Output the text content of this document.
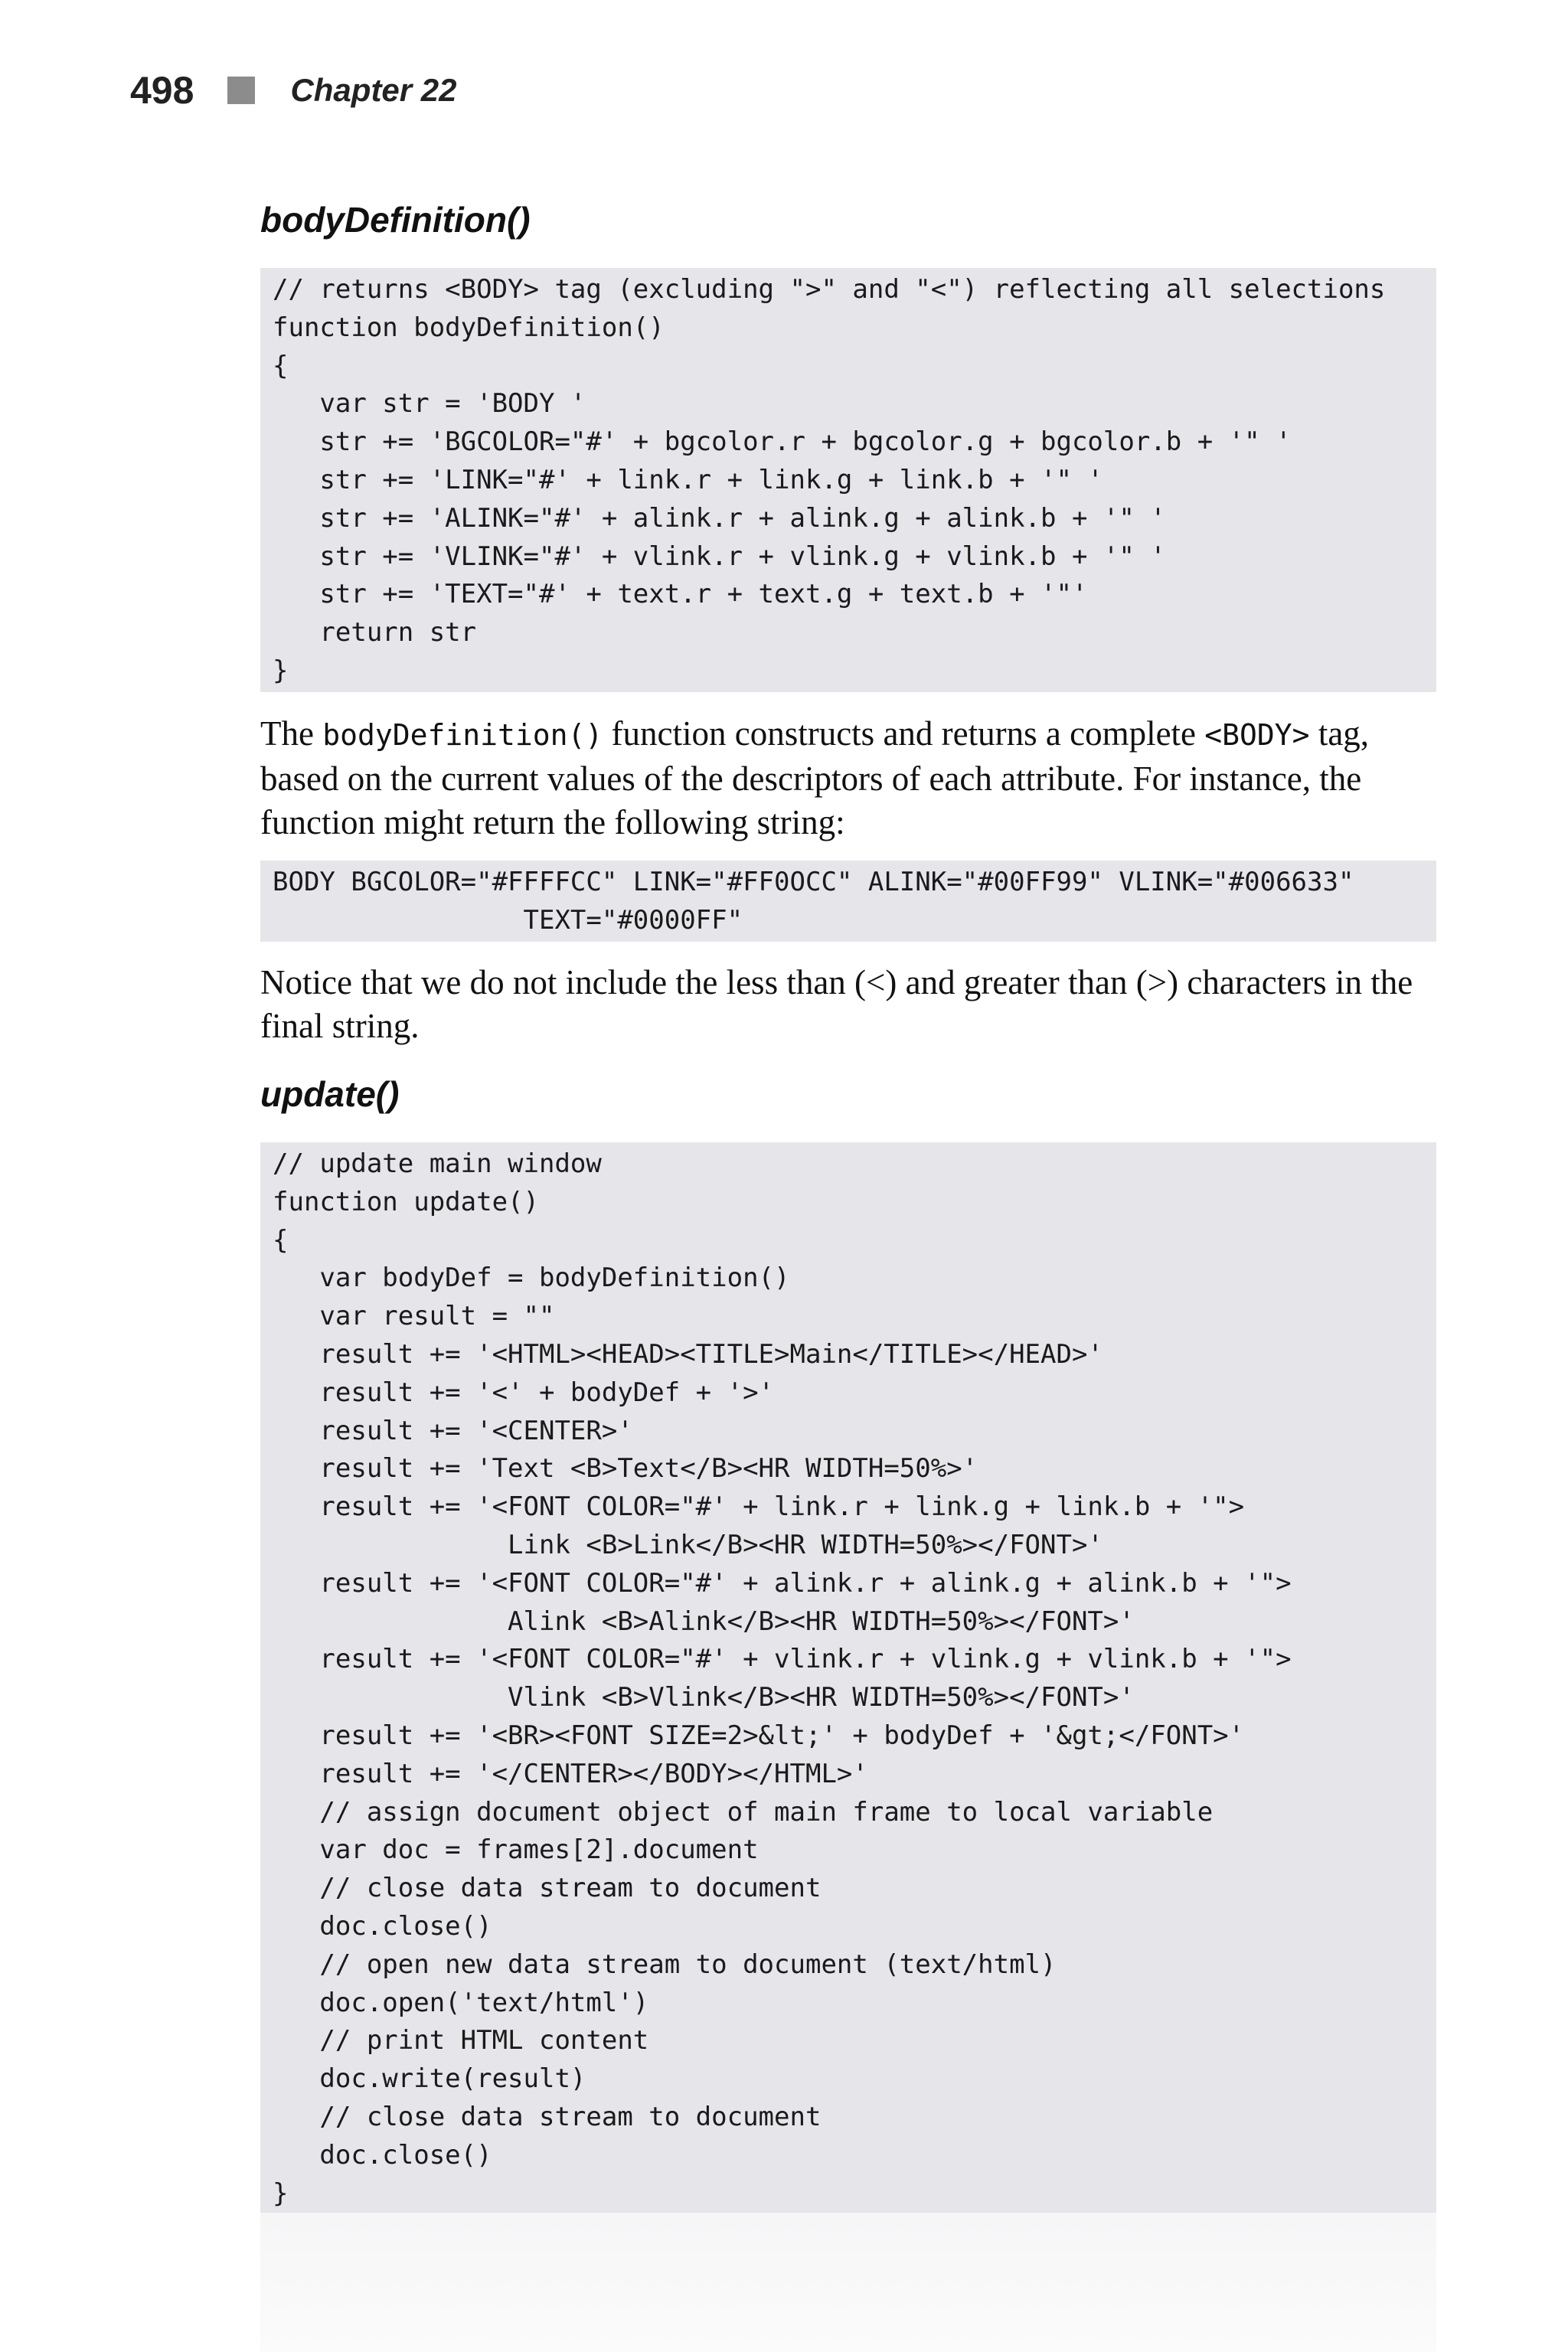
498	Chapter 22
bodyDefinition()
// returns <BODY> tag (excluding ">" and "<") reflecting all selections
function bodyDefinition()
{
var str = 'BODY '
str += 'BGCOLOR="#' + bgcolor.r + bgcolor.g + bgcolor.b + '" '
str += 'LINK="#' + link.r + link.g + link.b + '" '
str += 'ALINK="#' + alink.r + alink.g + alink.b + '" '
str += 'VLINK="#' + vlink.r + vlink.g + vlink.b + '" '
str += 'TEXT="#' + text.r + text.g + text.b + '"'
return str
}

The bodyDefinition() function constructs and returns a complete <BODY> tag, based on the current values of the descriptors of each attribute. For instance, the function might return the following string:

BODY BGCOLOR="#FFFFCC" LINK="#FF0OCC" ALINK="#00FF99" VLINK="#006633"
TEXT="#0000FF"

Notice that we do not include the less than (<) and greater than (>) characters in the final string.

update()
// update main window
function update()
{
var bodyDef = bodyDefinition()
var result = ""
result += '<HTML><HEAD><TITLE>Main</TITLE></HEAD>'
result += '<' + bodyDef + '>'
result += '<CENTER>'
result += 'Text <B>Text</B><HR WIDTH=50%>'
result += '<FONT COLOR="#' + link.r + link.g + link.b + '">
Link <B>Link</B><HR WIDTH=50%></FONT>'
result += '<FONT COLOR="#' + alink.r + alink.g + alink.b + '">
Alink <B>Alink</B><HR WIDTH=50%></FONT>'
result += '<FONT COLOR="#' + vlink.r + vlink.g + vlink.b + '">
Vlink <B>Vlink</B><HR WIDTH=50%></FONT>'
result += '<BR><FONT SIZE=2>&lt;' + bodyDef + '&gt;</FONT>'
result += '</CENTER></BODY></HTML>'
// assign document object of main frame to local variable
var doc = frames[2].document
// close data stream to document
doc.close()
// open new data stream to document (text/html)
doc.open('text/html')
// print HTML content
doc.write(result)
// close data stream to document
doc.close()
}
